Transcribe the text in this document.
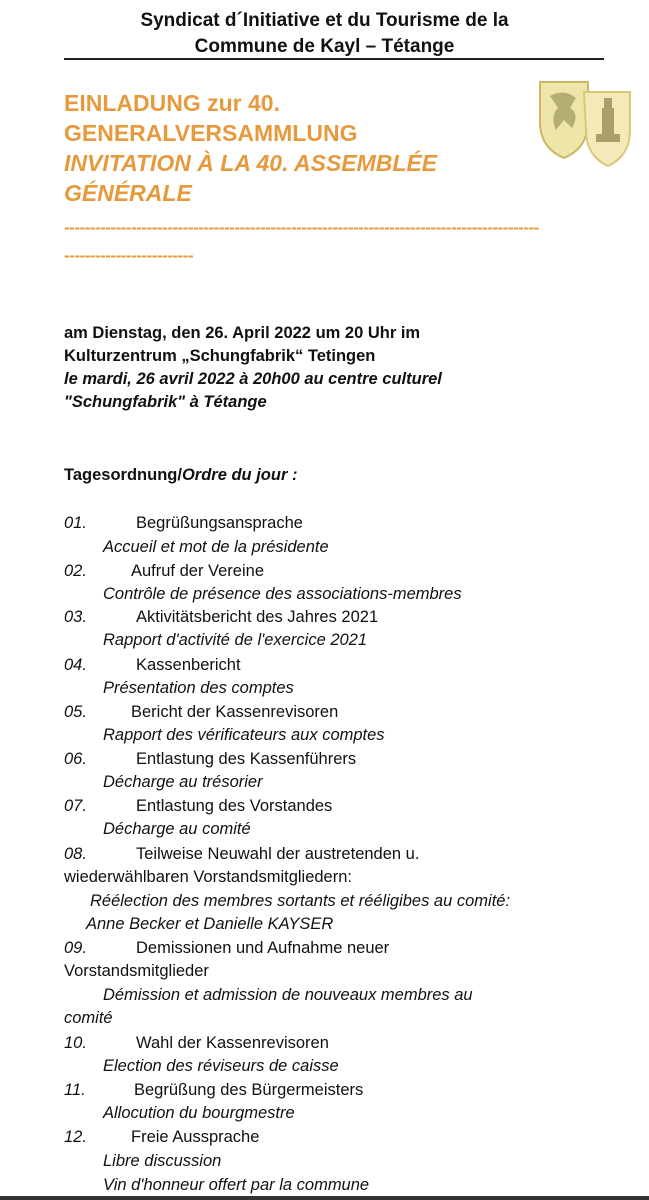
Syndicat d´Initiative et du Tourisme de la
Commune de Kayl – Tétange
EINLADUNG zur 40.
GENERALVERSAMMLUNG
INVITATION À LA 40. ASSEMBLÉE
GÉNÉRALE
--------------------------------------------------------------------------------------------
-------------------------
am Dienstag, den 26. April 2022 um 20 Uhr im
Kulturzentrum „Schungfabrik“ Tetingen
le mardi, 26 avril 2022 à 20h00 au centre culturel
"Schungfabrik" à Tétange
Tagesordnung/Ordre du jour :
01.	Begrüßungsansprache
Accueil et mot de la présidente
02.	Aufruf der Vereine
Contrôle de présence des associations-membres
03.	Aktivitätsbericht des Jahres 2021
Rapport d'activité de l'exercice 2021
04.	Kassenbericht
Présentation des comptes
05.	Bericht der Kassenrevisoren
Rapport des vérificateurs aux comptes
06.	Entlastung des Kassenführers
Décharge au trésorier
07.	Entlastung des Vorstandes
Décharge au comité
08.	Teilweise Neuwahl der austretenden u.
wiederwählbaren Vorstandsmitgliedern:
Réélection des membres sortants et rééligibes au comité:
Anne Becker et Danielle KAYSER
09.	Demissionen und Aufnahme neuer
Vorstandsmitglieder
Démission et admission de nouveaux membres au
comité
10.	Wahl der Kassenrevisoren
Election des réviseurs de caisse
11.	Begrüßung des Bürgermeisters
Allocution du bourgmestre
12.	Freie Aussprache
Libre discussion
Vin d'honneur offert par la commune
